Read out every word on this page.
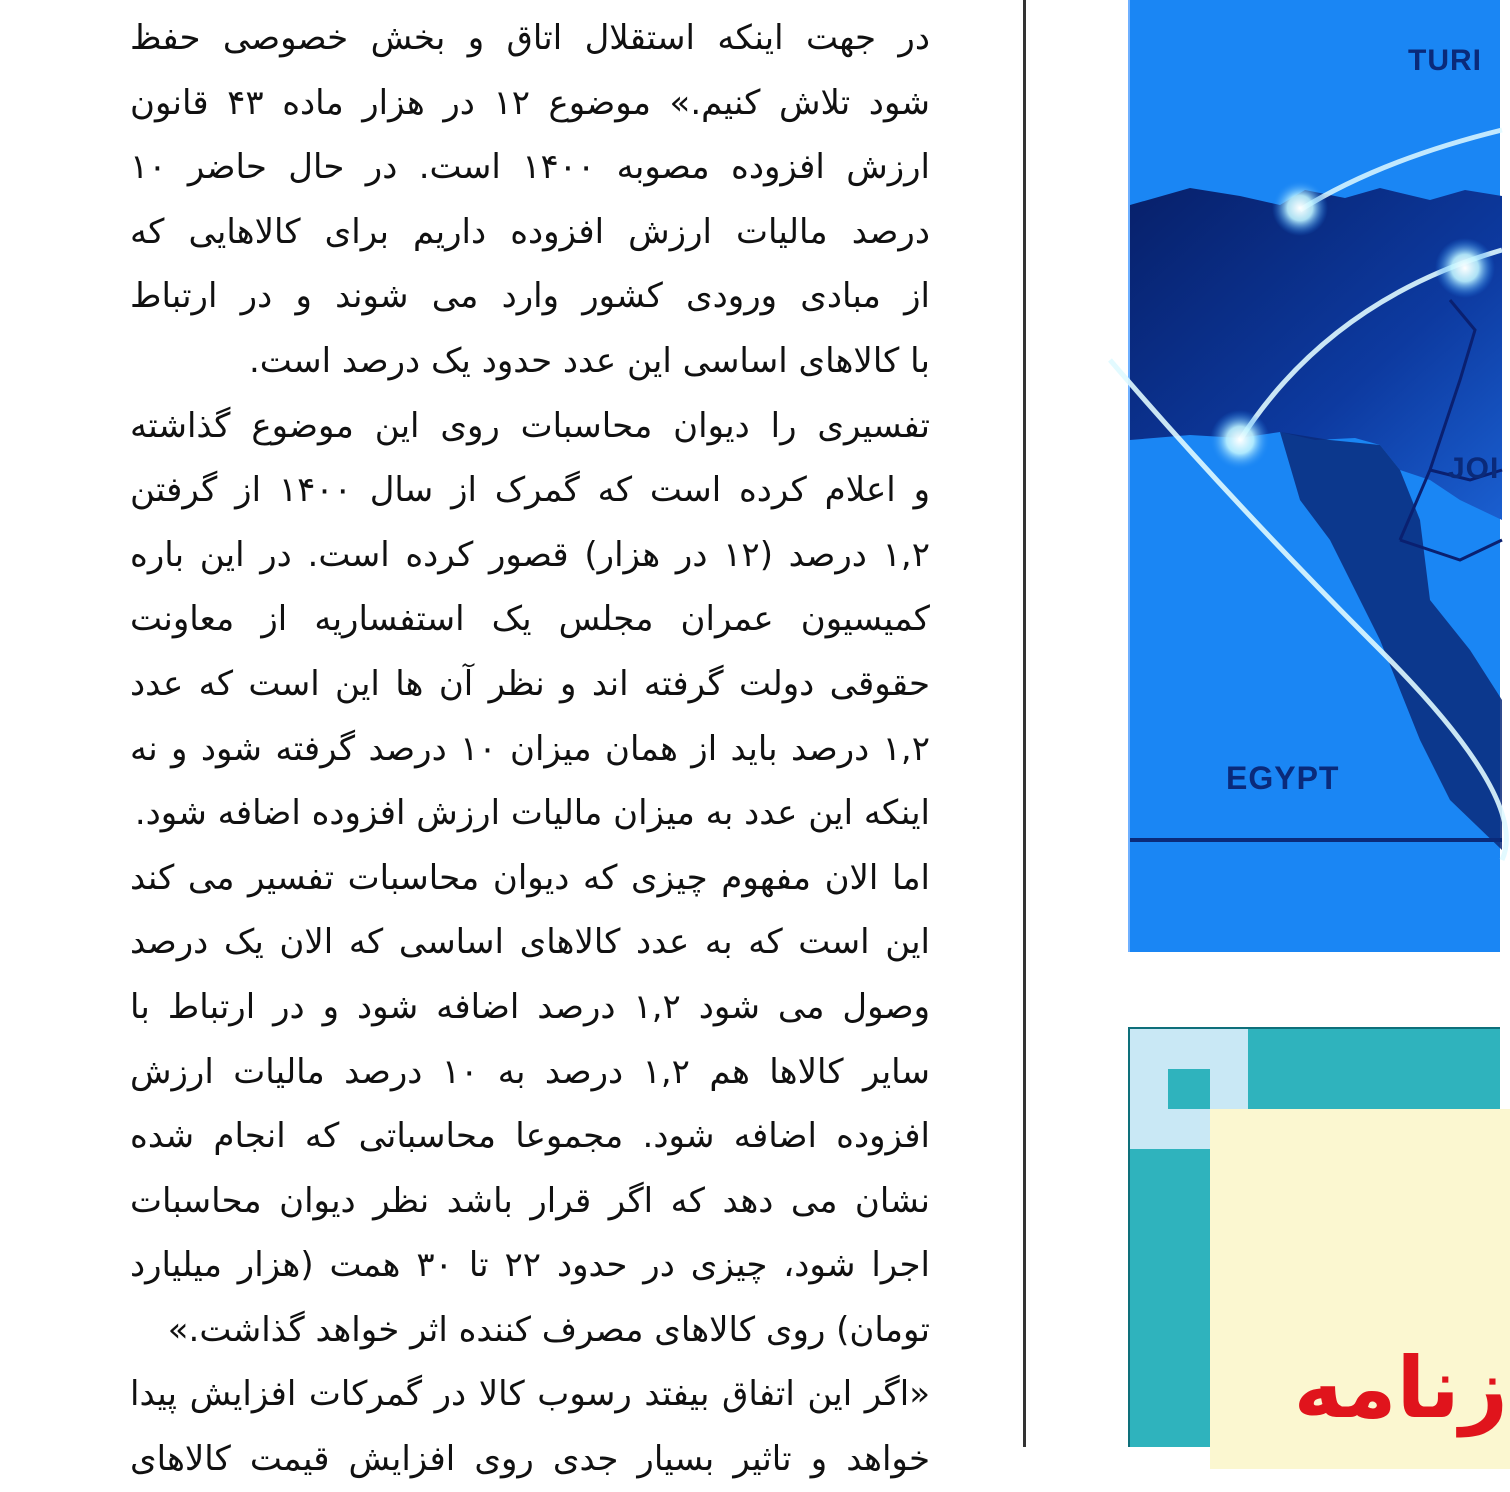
در جهت اینکه استقلال اتاق و بخش خصوصی حفظ
شود تلاش کنیم.» موضوع ۱۲ در هزار ماده ۴۳ قانون
ارزش افزوده مصوبه ۱۴۰۰ است. در حال حاضر ۱۰
درصد مالیات ارزش افزوده داریم برای کالاهایی که
از مبادی ورودی کشور وارد می شوند و در ارتباط
با کالاهای اساسی این عدد حدود یک درصد است.
تفسیری را دیوان محاسبات روی این موضوع گذاشته
و اعلام کرده است که گمرک از سال ۱۴۰۰ از گرفتن
۱,۲ درصد (۱۲ در هزار) قصور کرده است. در این باره
کمیسیون عمران مجلس یک استفساریه از معاونت
حقوقی دولت گرفته اند و نظر آن ها این است که عدد
۱,۲ درصد باید از همان میزان ۱۰ درصد گرفته شود و نه
اینکه این عدد به میزان مالیات ارزش افزوده اضافه شود.
اما الان مفهوم چیزی که دیوان محاسبات تفسیر می کند
این است که به عدد کالاهای اساسی که الان یک درصد
وصول می شود ۱,۲ درصد اضافه شود و در ارتباط با
سایر کالاها هم ۱,۲ درصد به ۱۰ درصد مالیات ارزش
افزوده اضافه شود. مجموعا محاسباتی که انجام شده
نشان می دهد که اگر قرار باشد نظر دیوان محاسبات
اجرا شود، چیزی در حدود ۲۲ تا ۳۰ همت (هزار میلیارد
تومان) روی کالاهای مصرف کننده اثر خواهد گذاشت.»
«اگر این اتفاق بیفتد رسوب کالا در گمرکات افزایش پیدا
خواهد و تاثیر بسیار جدی روی افزایش قیمت کالاهای
TURI
JOI
EGYPT
زنامه
